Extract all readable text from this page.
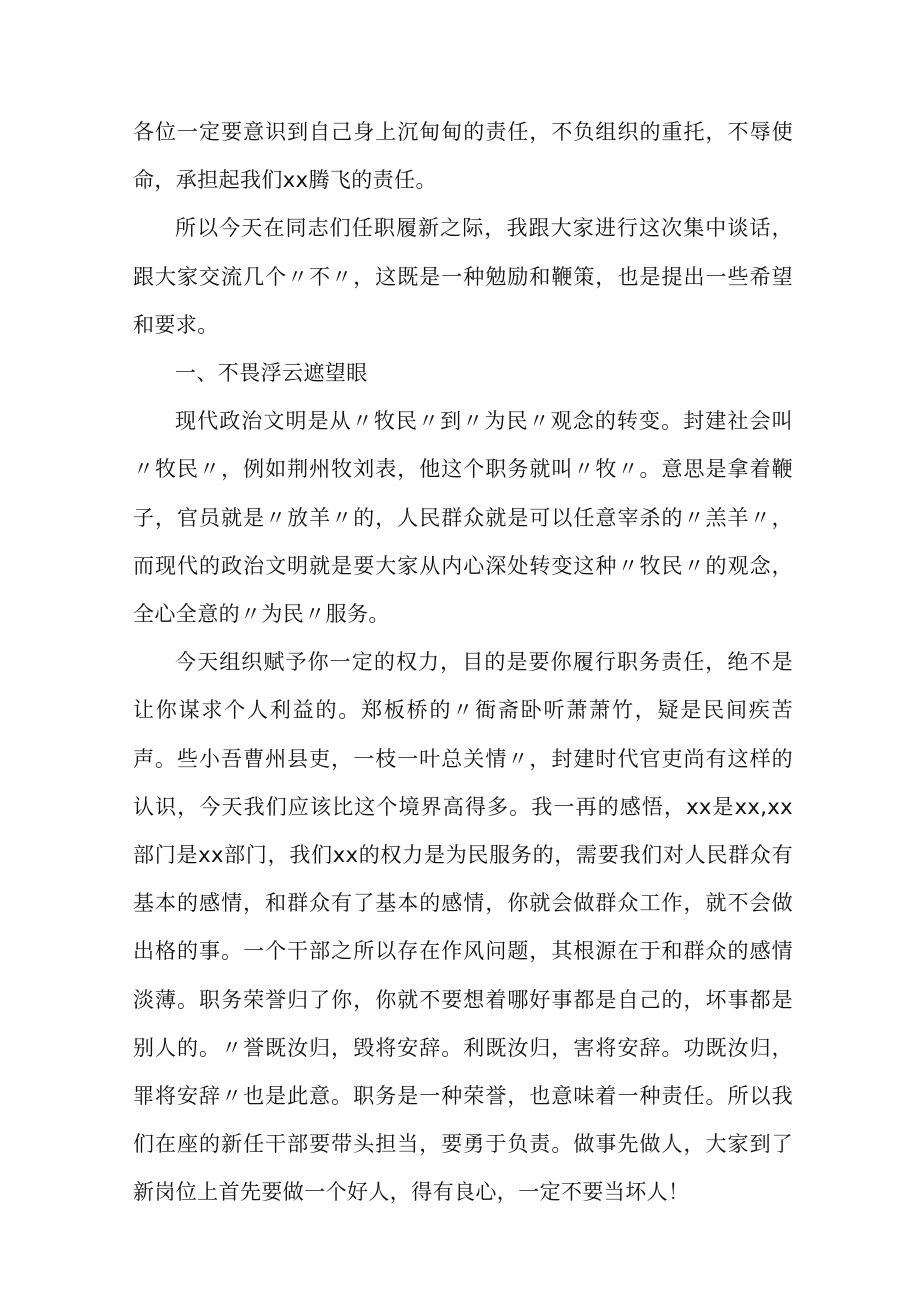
各位一定要意识到自己身上沉甸甸的责任，不负组织的重托，不辱使命，承担起我们xx腾飞的责任。

所以今天在同志们任职履新之际，我跟大家进行这次集中谈话，跟大家交流几个〃不〃，这既是一种勉励和鞭策，也是提出一些希望和要求。

一、不畏浮云遮望眼

现代政治文明是从〃牧民〃到〃为民〃观念的转变。封建社会叫〃牧民〃，例如荆州牧刘表，他这个职务就叫〃牧〃。意思是拿着鞭子，官员就是〃放羊〃的，人民群众就是可以任意宰杀的〃羔羊〃，而现代的政治文明就是要大家从内心深处转变这种〃牧民〃的观念，全心全意的〃为民〃服务。

今天组织赋予你一定的权力，目的是要你履行职务责任，绝不是让你谋求个人利益的。郑板桥的〃衙斋卧听萧萧竹，疑是民间疾苦声。些小吾曹州县吏，一枝一叶总关情〃，封建时代官吏尚有这样的认识，今天我们应该比这个境界高得多。我一再的感悟，xx是xx,xx部门是xx部门，我们xx的权力是为民服务的，需要我们对人民群众有基本的感情，和群众有了基本的感情，你就会做群众工作，就不会做出格的事。一个干部之所以存在作风问题，其根源在于和群众的感情淡薄。职务荣誉归了你，你就不要想着哪好事都是自己的，坏事都是别人的。〃誉既汝归，毁将安辞。利既汝归，害将安辞。功既汝归，罪将安辞〃也是此意。职务是一种荣誉，也意味着一种责任。所以我们在座的新任干部要带头担当，要勇于负责。做事先做人，大家到了新岗位上首先要做一个好人，得有良心，一定不要当坏人！
